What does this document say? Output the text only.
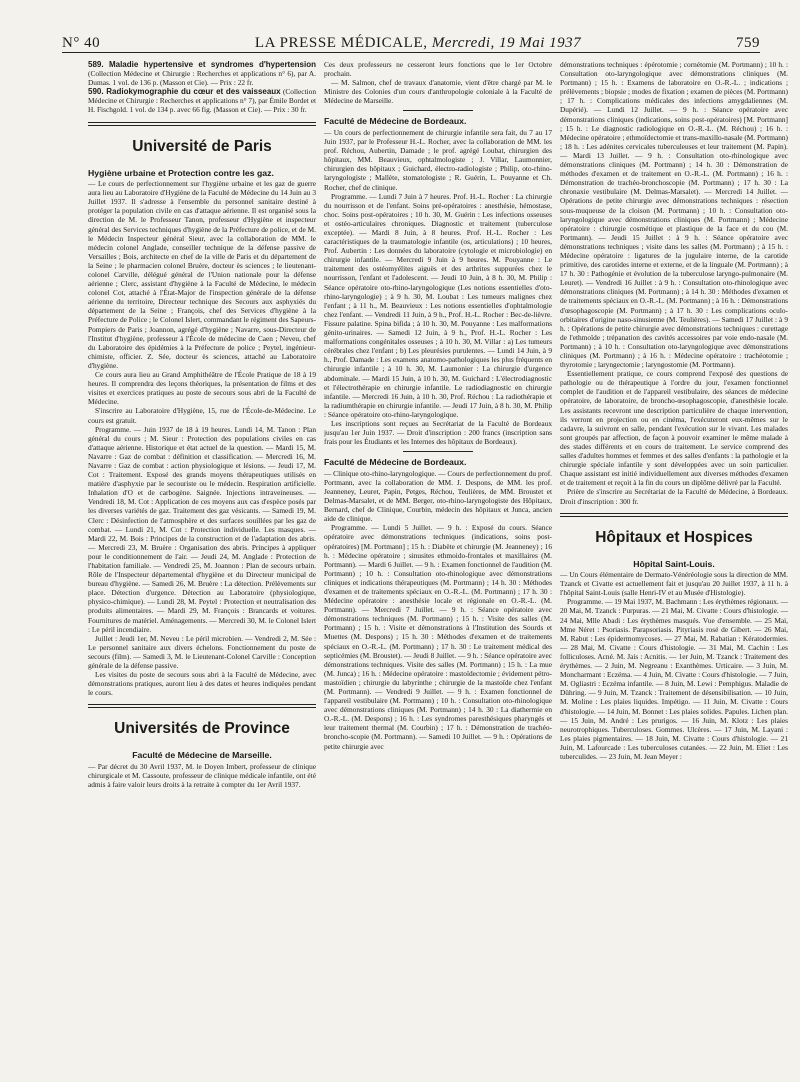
N° 40	LA PRESSE MÉDICALE, Mercredi, 19 Mai 1937	759
589. Maladie hypertensive et syndromes d'hypertension (Collection Médecine et Chirurgie : Recherches et applications n° 6), par A. Dumas. 1 vol. de 136 p. (Masson et Cie). — Prix : 22 fr.
590. Radiokymographie du cœur et des vaisseaux (Collection Médecine et Chirurgie : Recherches et applications n° 7), par Émile Bordet et H. Fischgold. 1 vol. de 134 p. avec 66 fig. (Masson et Cie). — Prix : 30 fr.
Université de Paris
Hygiène urbaine et Protection contre les gaz.

— Le cours de perfectionnement sur l'hygiène urbaine et les gaz de guerre aura lieu au Laboratoire d'Hygiène de la Faculté de Médecine du 14 Juin au 3 Juillet 1937. Il s'adresse à l'ensemble du personnel sanitaire destiné à protéger la population civile en cas d'attaque aérienne. Il est organisé sous la direction de M. le Professeur Tanon, professeur d'Hygiène et inspecteur général des Services techniques d'hygiène de la Préfecture de police, et de M. le Médecin Inspecteur général Sieur, avec la collaboration de MM. le médecin colonel Anglade, conseiller technique de la défense passive de Versailles ; Bois, architecte en chef de la ville de Paris et du département de la Seine ; le pharmacien colonel Bruère, docteur ès sciences ; le lieutenant-colonel Carville, délégué général de l'Union nationale pour la défense aérienne ; Clerc, assistant d'hygiène à la Faculté de Médecine, le médecin colonel Cot, attaché à l'État-Major de l'inspection générale de la défense aérienne du territoire, Directeur technique des Secours aux asphyxiés du département de la Seine ; François, chef des Services d'hygiène à la Préfecture de Police ; le Colonel Islert, commandant le régiment des Sapeurs-Pompiers de Paris ; Joannon, agrégé d'hygiène ; Navarre, sous-Directeur de l'Institut d'hygiène, professeur à l'École de médecine de Caen ; Neveu, chef du Laboratoire des épidémies à la Préfecture de police ; Peytel, ingénieur-chimiste, officier. Z. Sée, docteur ès sciences, attaché au Laboratoire d'hygiène.

Ce cours aura lieu au Grand Amphithéâtre de l'École Pratique de 18 à 19 heures. Il comprendra des leçons théoriques, la présentation de films et des visites et exercices pratiques au poste de secours sous abri de la Faculté de Médecine.

S'inscrire au Laboratoire d'Hygiène, 15, rue de l'École-de-Médecine. Le cours est gratuit.

Programme. — Juin 1937 de 18 à 19 heures. Lundi 14, M. Tanon : Plan général du cours ; M. Sieur : Protection des populations civiles en cas d'attaque aérienne. Historique et état actuel de la question. — Mardi 15, M. Navarre : Gaz de combat : définition et classification. — Mercredi 16, M. Navarre : Gaz de combat : action physiologique et lésions. — Jeudi 17, M. Cot : Traitement. Exposé des grands moyens thérapeutiques utilisés en matière d'asphyxie par le secouriste ou le médecin. Respiration artificielle. Inhalation d'O et de carbogène. Saignée. Injections intraveineuses. — Vendredi 18, M. Cot : Application de ces moyens aux cas d'espèce posés par les diverses variétés de gaz. Traitement des gaz vésicants. — Samedi 19, M. Clerc : Désinfection de l'atmosphère et des surfaces souillées par les gaz de combat. — Lundi 21, M. Cot : Protection individuelle. Les masques. — Mardi 22, M. Bois : Principes de la construction et de l'adaptation des abris. — Mercredi 23, M. Bruère : Organisation des abris. Principes à appliquer pour le conditionnement de l'air. — Jeudi 24, M. Anglade : Protection de l'habitation familiale. — Vendredi 25, M. Joannon : Plan de secours urbain. Rôle de l'Inspecteur départemental d'hygiène et du Directeur municipal de bureau d'hygiène. — Samedi 26, M. Bruère : La détection. Prélèvements sur place. Détection d'urgence. Détection au Laboratoire (physiologique, physico-chimique). — Lundi 28, M. Peytel : Protection et neutralisation des produits alimentaires. — Mardi 29, M. François : Brancards et voitures. Fournitures de matériel. Aménagements. — Mercredi 30, M. le Colonel Islert : Le péril incendiaire.

Juillet : Jeudi 1er, M. Neveu : Le péril microbien. — Vendredi 2, M. Sée : Le personnel sanitaire aux divers échelons. Fonctionnement du poste de secours (film). — Samedi 3, M. le Lieutenant-Colonel Carville : Conception générale de la défense passive.

Les visites du poste de secours sous abri à la Faculté de Médecine, avec démonstrations pratiques, auront lieu à des dates et heures indiquées pendant le cours.

Universités de Province
Faculté de Médecine de Marseille.

— Par décret du 30 Avril 1937, M. le Doyen Imbert, professeur de clinique chirurgicale et M. Cassoute, professeur de clinique médicale infantile, ont été admis à faire valoir leurs droits à la retraite à compter du 1er Avril 1937.

Ces deux professeurs ne cesseront leurs fonctions que le 1er Octobre prochain.

— M. Salmon, chef de travaux d'anatomie, vient d'être chargé par M. le Ministre des Colonies d'un cours d'anthropologie coloniale à la Faculté de Médecine de Marseille.

Faculté de Médecine de Bordeaux.

— Un cours de perfectionnement de chirurgie infantile sera fait, du 7 au 17 Juin 1937, par le Professeur H.-L. Rocher, avec la collaboration de MM. les prof. Réchou, Aubertin, Damade ; le prof. agrégé Loubat, chirurgien des hôpitaux, MM. Beauvieux, ophtalmologiste ; J. Villar, Laumonnier, chirurgien des hôpitaux ; Guichard, électro-radiologiste ; Philip, oto-rhino-laryngologiste ; Mallète, stomatologiste ; R. Guérin, L. Pouyanne et Ch. Rocher, chef de clinique.

Programme. — Lundi 7 Juin à 7 heures. Prof. H.-L. Rocher : La chirurgie du nourrisson et de l'enfant. Soins pré-opératoires : anesthésie, hémostase, choc. Soins post-opératoires ; 10 h. 30, M. Guérin : Les infections osseuses et ostéo-articulaires chroniques. Diagnostic et traitement (tuberculose exceptée). — Mardi 8 Juin, à 8 heures. Prof. H.-L. Rocher : Les caractéristiques de la traumatologie infantile (os, articulations) ; 10 heures, Prof. Aubertin : Les données du laboratoire (cytologie et microbiologie) en chirurgie infantile. — Mercredi 9 Juin à 9 heures. M. Pouyanne : Le traitement des ostéomyélites aiguës et des arthrites suppurées chez le nourrisson, l'enfant et l'adolescent. — Jeudi 10 Juin, à 8 h. 30, M. Philip : Séance opératoire oto-rhino-laryngologique (Les notions essentielles d'oto-rhino-laryngologie) ; à 9 h. 30, M. Loubat : Les tumeurs malignes chez l'enfant ; à 11 h., M. Beauvieux : Les notions essentielles d'ophtalmologie chez l'enfant. — Vendredi 11 Juin, à 9 h., Prof. H.-L. Rocher : Bec-de-lièvre. Fissure palatine. Spina bifida ; à 10 h. 30, M. Pouyanne : Les malformations génito-urinaires. — Samedi 12 Juin, à 9 h., Prof. H.-L. Rocher : Les malformations congénitales osseuses ; à 10 h. 30, M. Villar : a) Les tumeurs cérébrales chez l'enfant ; b) Les pleurésies purulentes. — Lundi 14 Juin, à 9 h., Prof. Damade : Les examens anatomo-pathologiques les plus fréquents en chirurgie infantile ; à 10 h. 30, M. Laumonier : La chirurgie d'urgence abdominale. — Mardi 15 Juin, à 10 h. 30, M. Guichard : L'électrodiagnostic et l'électrothérapie en chirurgie infantile. Le radiodiagnostic en chirurgie infantile. — Mercredi 16 Juin, à 10 h. 30, Prof. Réchou : La radiothérapie et la radiumthérapie en chirurgie infantile. — Jeudi 17 Juin, à 8 h. 30, M. Philip : Séance opératoire oto-rhino-laryngologique.

Les inscriptions sont reçues au Secrétariat de la Faculté de Bordeaux jusqu'au 1er Juin 1937. — Droit d'inscription : 200 francs (inscription sans frais pour les Étudiants et les Internes des hôpitaux de Bordeaux).

Faculté de Médecine de Bordeaux.

— Clinique oto-rhino-laryngologique. — Cours de perfectionnement du prof. Portmann, avec la collaboration de MM. J. Despons, de MM. les prof. Jeanneney, Leuret, Papin, Petges, Réchou, Teulières, de MM. Broustet et Delmas-Marsalet, et de MM. Berger, oto-rhino-laryngologiste des Hôpitaux, Bernard, chef de Clinique, Courbin, médecin des hôpitaux et Junca, ancien aide de clinique.

Programme. — Lundi 5 Juillet. — 9 h. : Exposé du cours. Séance opératoire avec démonstrations techniques (indications, soins post-opératoires) [M. Portmann] ; 15 h. : Diabète et chirurgie (M. Jeanneney) ; 16 h. : Médecine opératoire ; sinusites ethmoido-frontales et maxillaires (M. Portmann). — Mardi 6 Juillet. — 9 h. : Examen fonctionnel de l'audition (M. Portmann) ; 10 h. : Consultation oto-rhinologique avec démonstrations cliniques et indications thérapeutiques (M. Portmann) ; 14 h. 30 : Méthodes d'examen et de traitements spéciaux en O.-R.-L. (M. Portmann) ; 17 h. 30 : Médecine opératoire : anesthésie locale et régionale en O.-R.-L. (M. Portmann). — Mercredi 7 Juillet. — 9 h. : Séance opératoire avec démonstrations techniques (M. Portmann) ; 15 h. : Visite des salles (M. Portmann) ; 15 h. : Visite et démonstrations à l'Institution des Sourds et Muettes (M. Despons) ; 15 h. 30 : Méthodes d'examen et de traitements spéciaux en O.-R.-L. (M. Portmann) ; 17 h. 30 : Le traitement médical des septicémies (M. Broustet). — Jeudi 8 Juillet. — 9 h. : Séance opératoire avec démonstrations techniques. Visite des salles (M. Portmann) ; 15 h. : La mue (M. Junca) ; 16 h. : Médecine opératoire : mastoïdectomie ; évidement pétro-mastoïdien ; chirurgie du labyrinthe ; chirurgie de la mastoïde chez l'enfant (M. Portmann). — Vendredi 9 Juillet. — 9 h. : Examen fonctionnel de l'appareil vestibulaire (M. Portmann) ; 10 h. : Consultation oto-rhinologique avec démonstrations cliniques (M. Portmann) ; 14 h. 30 : La diathermie en O.-R.-L. (M. Despons) ; 16 h. : Les syndromes paresthésiques pharyngés et leur traitement thermal (M. Courbin) ; 17 h. : Démonstration de trachéo-broncho-scopie (M. Portmann). — Samedi 10 Juillet. — 9 h. : Opérations de petite chirurgie avec

démonstrations techniques : épérotomie ; cornétomie (M. Portmann) ; 10 h. : Consultation oto-laryngologique avec démonstrations cliniques (M. Portmann) ; 15 h. : Examens de laboratoire en O.-R.-L. ; indications ; prélèvements ; biopsie ; modes de fixation ; examen de pièces (M. Portmann) ; 17 h. : Complications médicales des infections amygdaliennes (M. Dupérié). — Lundi 12 Juillet. — 9 h. : Séance opératoire avec démonstrations cliniques (indications, soins post-opératoires) [M. Portmann] ; 15 h. : Le diagnostic radiologique en O.-R.-L. (M. Réchou) ; 16 h. : Médecine opératoire ; ethmoïdectomie et trans-maxillo-nasale (M. Portmann) ; 18 h. : Les adénites cervicales tuberculeuses et leur traitement (M. Papin). — Mardi 13 Juillet. — 9 h. : Consultation oto-rhinologique avec démonstrations cliniques (M. Portmann) ; 14 h. 30 : Démonstration de méthodes d'examen et de traitement en O.-R.-L. (M. Portmann) ; 16 h. : Démonstration de trachéo-bronchoscopie (M. Portmann) ; 17 h. 30 : La chronaxie vestibulaire (M. Delmas-Marsalet). — Mercredi 14 Juillet. — Opérations de petite chirurgie avec démonstrations techniques : résection sous-muqueuse de la cloison (M. Portmann) ; 10 h. : Consultation oto-laryngologique avec démonstrations cliniques (M. Portmann) ; Médecine opératoire : chirurgie cosmétique et plastique de la face et du cou (M. Portmann). — Jeudi 15 Juillet : à 9 h. : Séance opératoire avec démonstrations techniques ; visite dans les salles (M. Portmann) ; à 15 h. : Médecine opératoire : ligatures de la jugulaire interne, de la carotide primitive, des carotides interne et externe, et de la linguale (M. Portmann) ; à 17 h. 30 : Pathogénie et évolution de la tuberculose laryngo-pulmonaire (M. Leuret). — Vendredi 16 Juillet : à 9 h. : Consultation oto-rhinologique avec démonstrations cliniques (M. Portmann) ; à 14 h. 30 : Méthodes d'examen et de traitements spéciaux en O.-R.-L. (M. Portmann) ; à 16 h. : Démonstrations d'œsophagoscopie (M. Portmann) ; à 17 h. 30 : Les complications oculo-orbitaires d'origine naso-sinusienne (M. Teulières). — Samedi 17 Juillet : à 9 h. : Opérations de petite chirurgie avec démonstrations techniques : curettage de l'ethmoïde ; trépanation des cavités accessoires par voie endo-nasale (M. Portmann) ; à 10 h. : Consultation oto-laryngologique avec démonstrations cliniques (M. Portmann) ; à 16 h. : Médecine opératoire : trachéotomie ; thyrotomie ; laryngectomie ; laryngostomie (M. Portmann).

Essentiellement pratique, ce cours comprend l'exposé des questions de pathologie ou de thérapeutique à l'ordre du jour, l'examen fonctionnel complet de l'audition et de l'appareil vestibulaire, des séances de médecine opératoire, de laboratoire, de broncho-œsophagoscopie, d'anesthésie locale. Les assistants recevront une description particulière de chaque intervention, ils verront en projection ou en cinéma, l'exécuteront eux-mêmes sur le cadavre, la suivront en salle, pendant l'exécution sur le vivant. Les malades sont groupés par affection, de façon à pouvoir examiner le même malade à des stades différents et en cours de traitement. Le service comprend des salles d'adultes hommes et femmes et des salles d'enfants : la pathologie et la chirurgie spéciale infantile y sont développées avec un soin particulier. Chaque assistant est initié individuellement aux diverses méthodes d'examen et de traitement et reçoit à la fin du cours un diplôme délivré par la Faculté.

Prière de s'inscrire au Secrétariat de la Faculté de Médecine, à Bordeaux. Droit d'inscription : 300 fr.

Hôpitaux et Hospices
Hôpital Saint-Louis.

— Un Cours élémentaire de Dermato-Vénéréologie sous la direction de MM. Tzanck et Civatte est actuellement fait et jusqu'au 20 Juillet 1937, à 11 h. à l'hôpital Saint-Louis (salle Henri-IV et au Musée d'Histologie).

Programme. — 19 Mai 1937, M. Bachmann : Les érythèmes régionaux. — 20 Mai, M. Tzanck : Purpuras. — 21 Mai, M. Civatte : Cours d'histologie. — 24 Mai, Mlle Abadi : Les érythèmes masqués. Vue d'ensemble. — 25 Mai, Mme Néret : Psoriasis. Parapsoriasis. Pityriasis rosé de Gibert. — 26 Mai, M. Rabut : Les épidermomycoses. — 27 Mai, M. Rabatian : Kératodermies. — 28 Mai, M. Civatte : Cours d'histologie. — 31 Mai, M. Cachin : Les folliculoses. Acné. M. Jais : Acnitis. — 1er Juin, M. Tzanck : Traitement des érythèmes. — 2 Juin, M. Negreanu : Exanthèmes. Urticaire. — 3 Juin, M. Moncharmant : Eczéma. — 4 Juin, M. Civatte : Cours d'histologie. — 7 Juin, M. Ogliastri : Eczéma infantile. — 8 Juin, M. Lewi : Pemphigus. Maladie de Dühring. — 9 Juin, M. Tzanck : Traitement de désensibilisation. — 10 Juin, M. Moline : Les plaies liquides. Impétigo. — 11 Juin, M. Civatte : Cours d'histologie. — 14 Juin, M. Bonnet : Les plaies solides. Papules. Lichen plan. — 15 Juin, M. André : Les prurigos. — 16 Juin, M. Klotz : Les plaies neurotrophiques. Tuberculoses. Gommes. Ulcères. — 17 Juin, M. Layani : Les plaies pigmentaires. — 18 Juin, M. Civatte : Cours d'histologie. — 21 Juin, M. Lafourcade : Les tuberculoses cutanées. — 22 Juin, M. Eliet : Les tuberculides. — 23 Juin, M. Jean Meyer :
